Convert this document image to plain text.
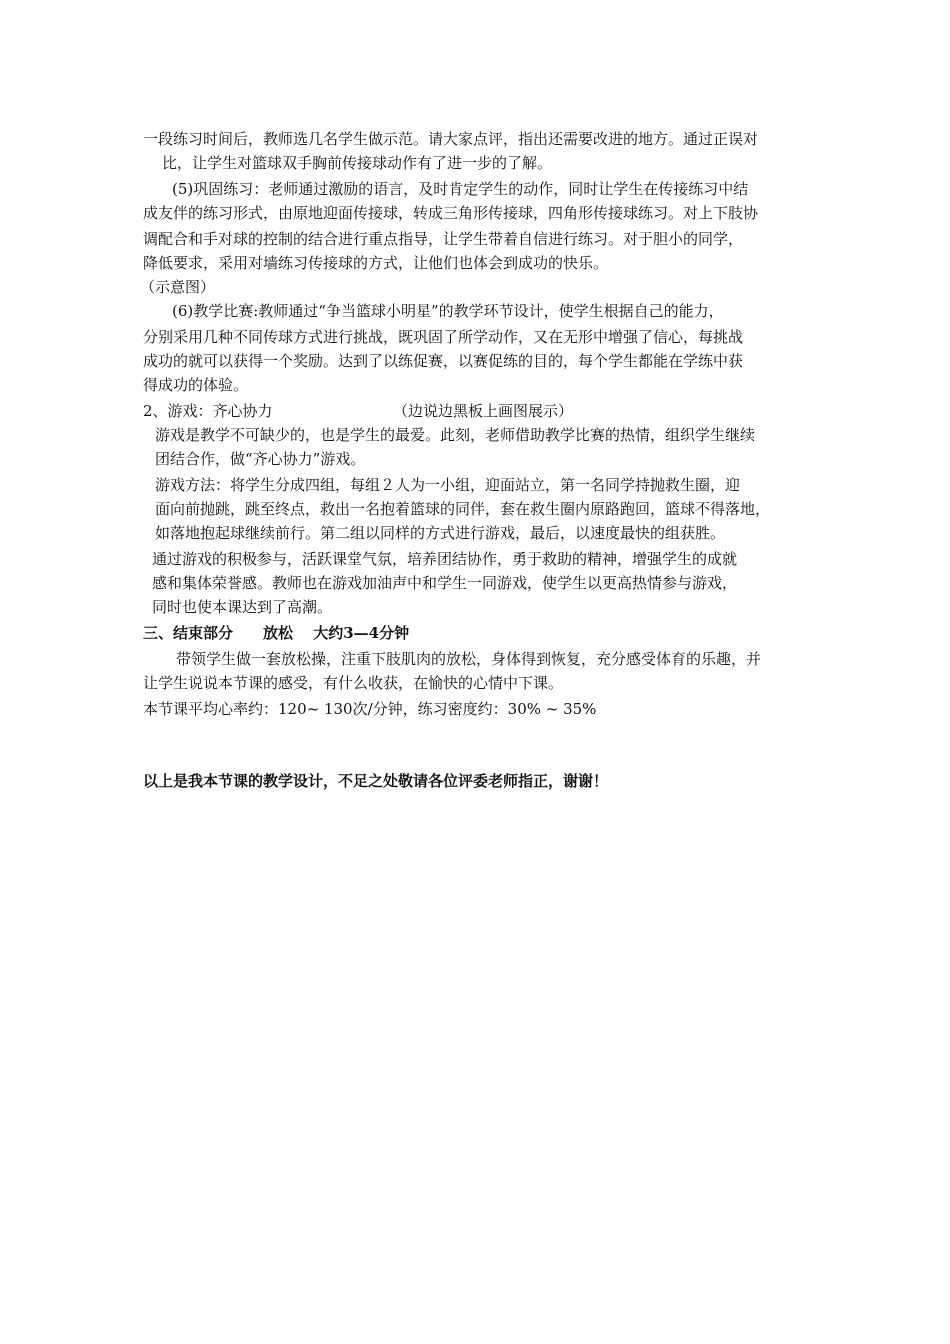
一段练习时间后，教师选几名学生做示范。请大家点评，指出还需要改进的地方。通过正误对
比，让学生对篮球双手胸前传接球动作有了进一步的了解。
(5)巩固练习：老师通过激励的语言，及时肯定学生的动作，同时让学生在传接练习中结
成友伴的练习形式，由原地迎面传接球，转成三角形传接球，四角形传接球练习。对上下肢协
调配合和手对球的控制的结合进行重点指导，让学生带着自信进行练习。对于胆小的同学，
降低要求，采用对墙练习传接球的方式，让他们也体会到成功的快乐。
（示意图）
(6)教学比赛:教师通过“争当篮球小明星”的教学环节设计，使学生根据自己的能力，
分别采用几种不同传球方式进行挑战，既巩固了所学动作，又在无形中增强了信心，每挑战
成功的就可以获得一个奖励。达到了以练促赛，以赛促练的目的，每个学生都能在学练中获
得成功的体验。
2、游戏：齐心协力	（边说边黑板上画图展示）
游戏是教学不可缺少的，也是学生的最爱。此刻，老师借助教学比赛的热情，组织学生继续
团结合作，做“齐心协力”游戏。
游戏方法：将学生分成四组，每组２人为一小组，迎面站立，第一名同学持抛救生圈，迎
面向前抛跳，跳至终点，救出一名抱着篮球的同伴，套在救生圈内原路跑回，篮球不得落地，
如落地抱起球继续前行。第二组以同样的方式进行游戏，最后，以速度最快的组获胜。
通过游戏的积极参与，活跃课堂气氛，培养团结协作，勇于救助的精神，增强学生的成就
感和集体荣誉感。教师也在游戏加油声中和学生一同游戏，使学生以更高热情参与游戏，
同时也使本课达到了高潮。
三、结束部分　　放松　 大约3—4分钟
带领学生做一套放松操，注重下肢肌肉的放松，身体得到恢复，充分感受体育的乐趣，并
让学生说说本节课的感受，有什么收获，在愉快的心情中下课。
本节课平均心率约：120~ 130次/分钟，练习密度约：30% ~ 35%
以上是我本节课的教学设计，不足之处敬请各位评委老师指正，谢谢！
